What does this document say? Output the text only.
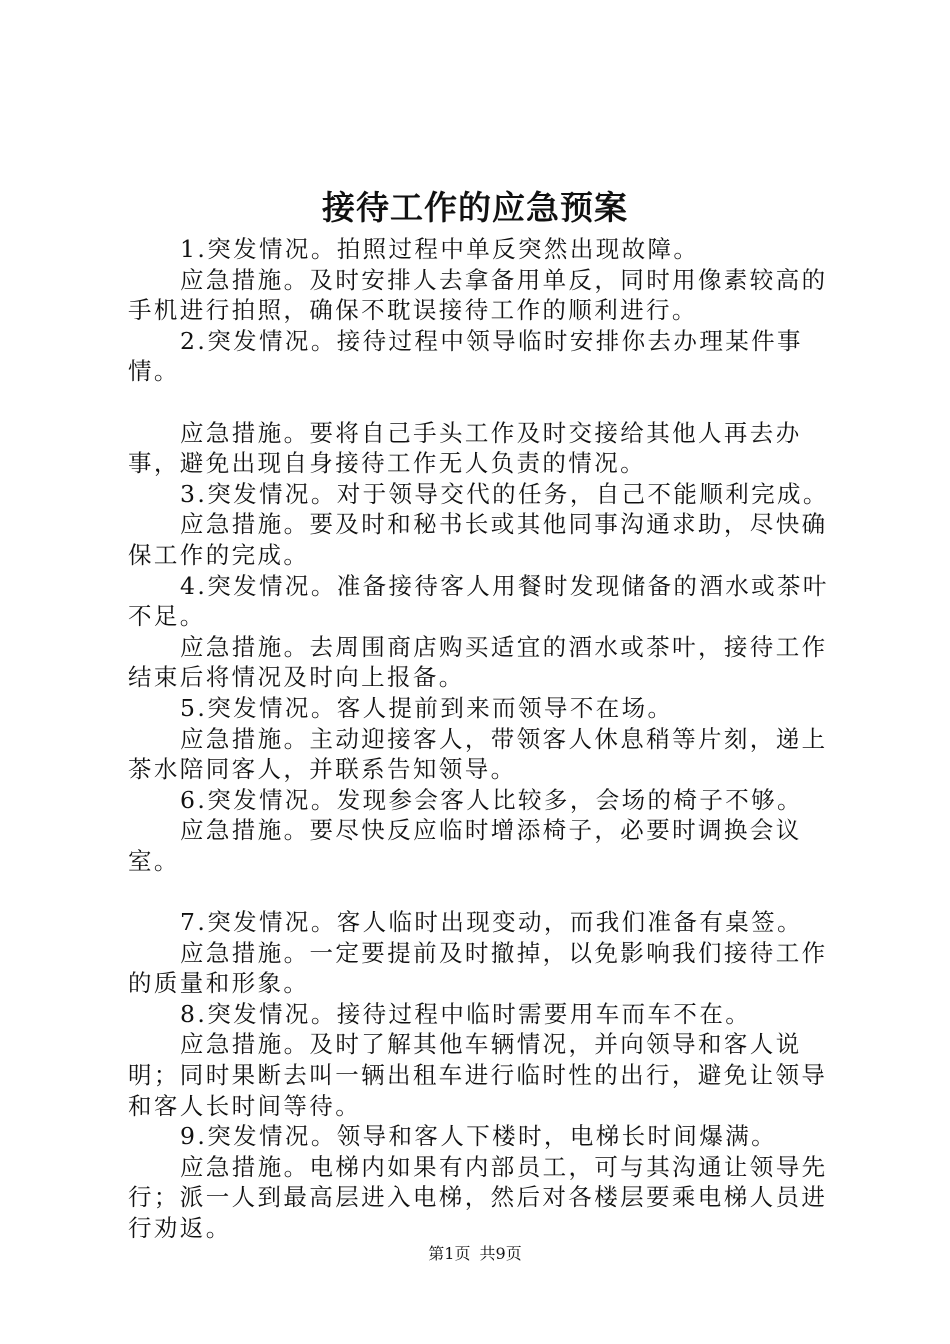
接待工作的应急预案

1.突发情况。拍照过程中单反突然出现故障。

应急措施。及时安排人去拿备用单反，同时用像素较高的手机进行拍照，确保不耽误接待工作的顺利进行。

2.突发情况。接待过程中领导临时安排你去办理某件事情。

应急措施。要将自己手头工作及时交接给其他人再去办事，避免出现自身接待工作无人负责的情况。

3.突发情况。对于领导交代的任务，自己不能顺利完成。

应急措施。要及时和秘书长或其他同事沟通求助，尽快确保工作的完成。

4.突发情况。准备接待客人用餐时发现储备的酒水或茶叶不足。

应急措施。去周围商店购买适宜的酒水或茶叶，接待工作结束后将情况及时向上报备。

5.突发情况。客人提前到来而领导不在场。

应急措施。主动迎接客人，带领客人休息稍等片刻，递上茶水陪同客人，并联系告知领导。

6.突发情况。发现参会客人比较多，会场的椅子不够。

应急措施。要尽快反应临时增添椅子，必要时调换会议室。

7.突发情况。客人临时出现变动，而我们准备有桌签。

应急措施。一定要提前及时撤掉，以免影响我们接待工作的质量和形象。

8.突发情况。接待过程中临时需要用车而车不在。

应急措施。及时了解其他车辆情况，并向领导和客人说明；同时果断去叫一辆出租车进行临时性的出行，避免让领导和客人长时间等待。

9.突发情况。领导和客人下楼时，电梯长时间爆满。

应急措施。电梯内如果有内部员工，可与其沟通让领导先行；派一人到最高层进入电梯，然后对各楼层要乘电梯人员进行劝返。

第1页 共9页
